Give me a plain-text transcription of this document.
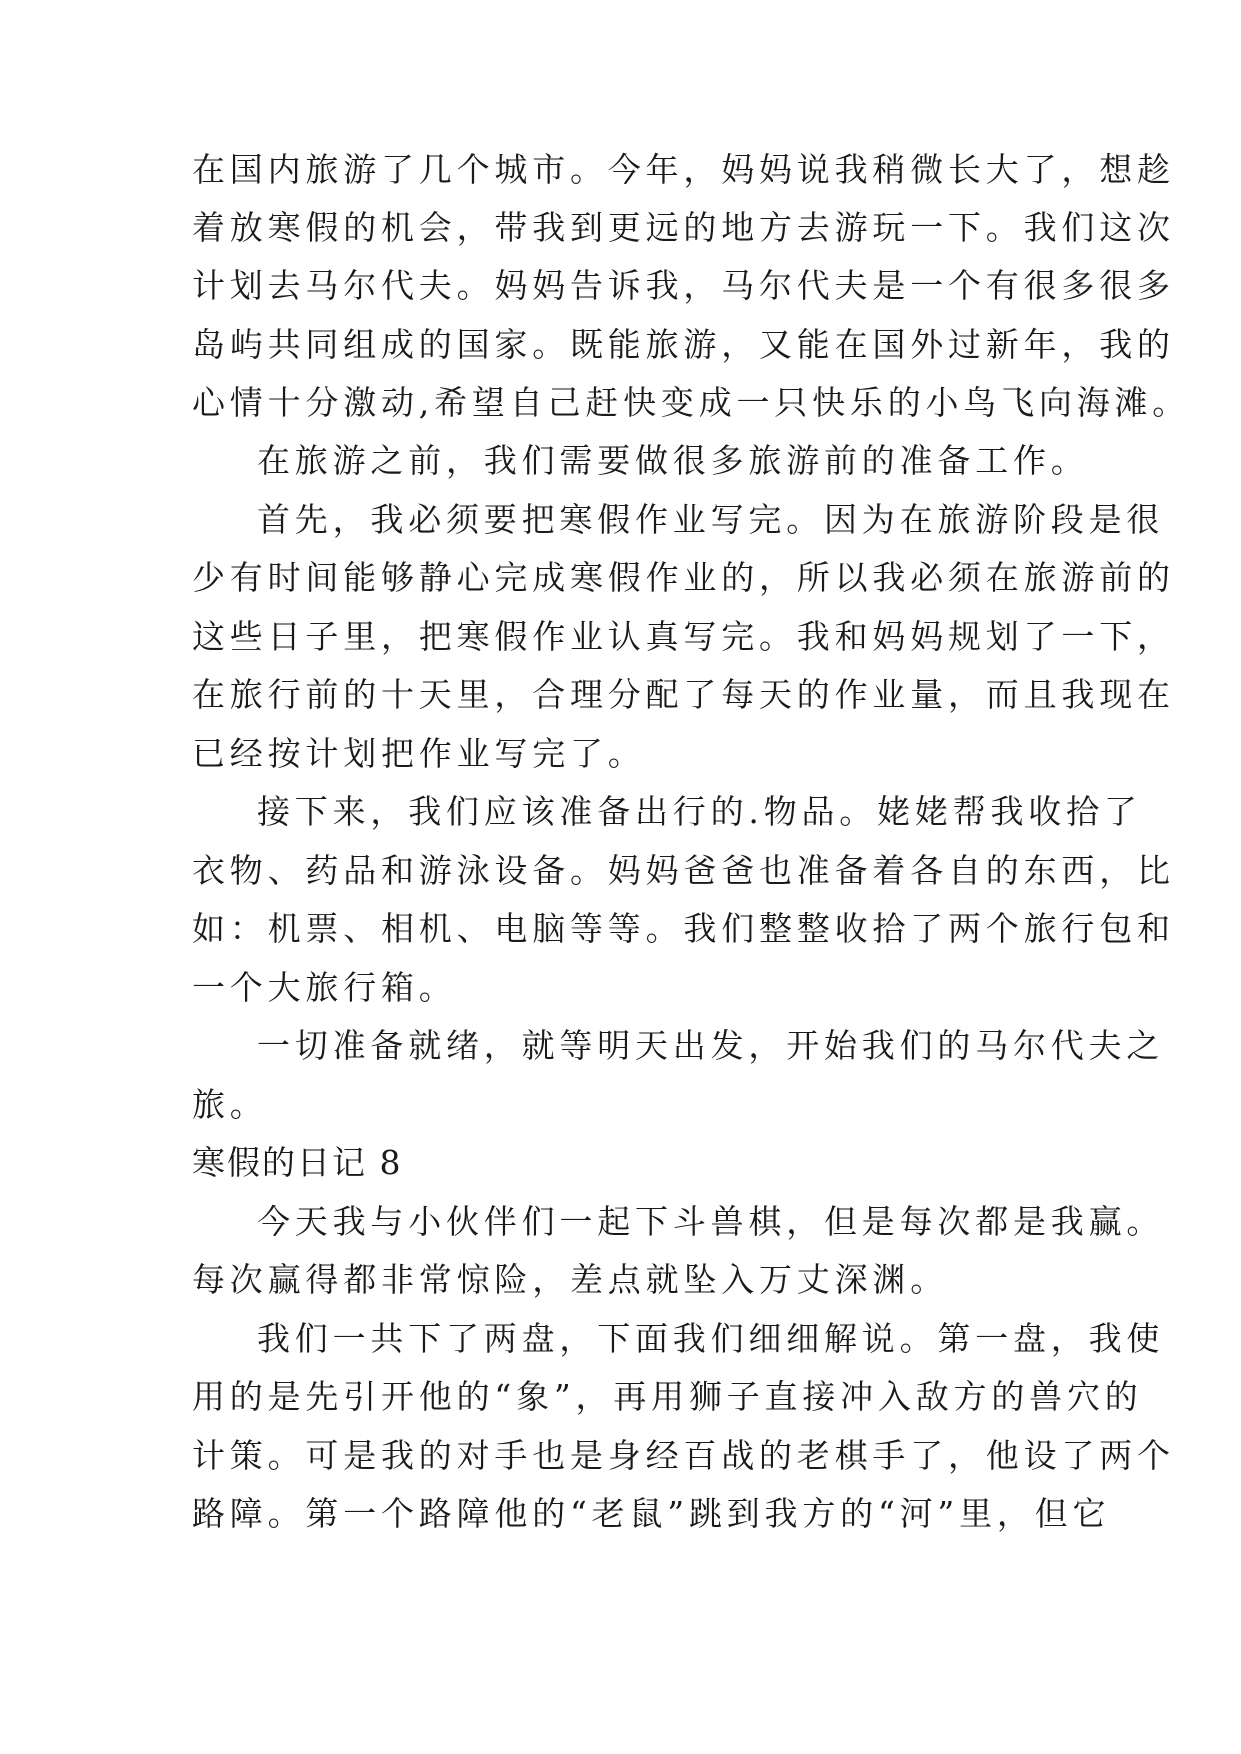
在国内旅游了几个城市。今年，妈妈说我稍微长大了，想趁
着放寒假的机会，带我到更远的地方去游玩一下。我们这次
计划去马尔代夫。妈妈告诉我，马尔代夫是一个有很多很多
岛屿共同组成的国家。既能旅游，又能在国外过新年，我的
心情十分激动,希望自己赶快变成一只快乐的小鸟飞向海滩。
在旅游之前，我们需要做很多旅游前的准备工作。
首先，我必须要把寒假作业写完。因为在旅游阶段是很
少有时间能够静心完成寒假作业的，所以我必须在旅游前的
这些日子里，把寒假作业认真写完。我和妈妈规划了一下，
在旅行前的十天里，合理分配了每天的作业量，而且我现在
已经按计划把作业写完了。
接下来，我们应该准备出行的.物品。姥姥帮我收拾了
衣物、药品和游泳设备。妈妈爸爸也准备着各自的东西，比
如：机票、相机、电脑等等。我们整整收拾了两个旅行包和
一个大旅行箱。
一切准备就绪，就等明天出发，开始我们的马尔代夫之
旅。
寒假的日记 8
今天我与小伙伴们一起下斗兽棋，但是每次都是我赢。
每次赢得都非常惊险，差点就坠入万丈深渊。
我们一共下了两盘，下面我们细细解说。第一盘，我使
用的是先引开他的“象”，再用狮子直接冲入敌方的兽穴的
计策。可是我的对手也是身经百战的老棋手了，他设了两个
路障。第一个路障他的“老鼠”跳到我方的“河”里，但它
